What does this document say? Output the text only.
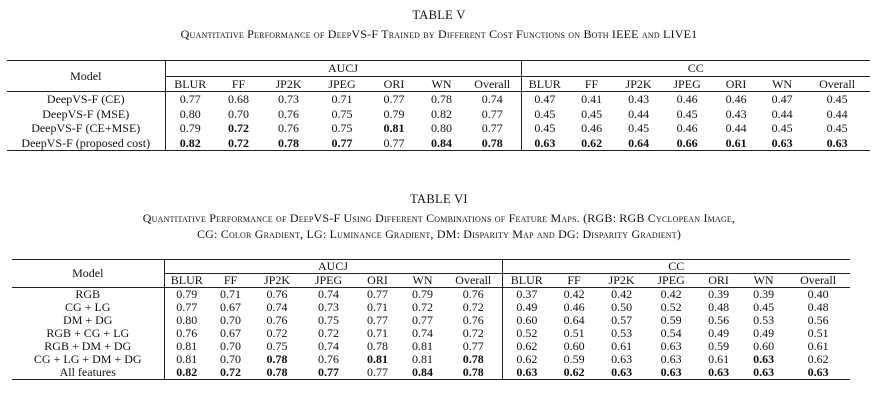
TABLE V
Quantitative Performance of DeepVS-F Trained by Different Cost Functions on Both IEEE and LIVE1
Model	AUCJ							CC						
	BLUR	FF	JP2K	JPEG	ORI	WN	Overall	BLUR	FF	JP2K	JPEG	ORI	WN	Overall
DeepVS-F (CE)	0.77	0.68	0.73	0.71	0.77	0.78	0.74	0.47	0.41	0.43	0.46	0.46	0.47	0.45
DeepVS-F (MSE)	0.80	0.70	0.76	0.75	0.79	0.82	0.77	0.45	0.45	0.44	0.45	0.43	0.44	0.44
DeepVS-F (CE+MSE)	0.79	0.72	0.76	0.75	0.81	0.80	0.77	0.45	0.46	0.45	0.46	0.44	0.45	0.45
DeepVS-F (proposed cost)	0.82	0.72	0.78	0.77	0.77	0.84	0.78	0.63	0.62	0.64	0.66	0.61	0.63	0.63
TABLE VI
Quantitative Performance of DeepVS-F Using Different Combinations of Feature Maps. (RGB: RGB Cyclopean Image,
CG: Color Gradient, LG: Luminance Gradient, DM: Disparity Map and DG: Disparity Gradient)
Model	AUCJ							CC						
	BLUR	FF	JP2K	JPEG	ORI	WN	Overall	BLUR	FF	JP2K	JPEG	ORI	WN	Overall
RGB	0.79	0.71	0.76	0.74	0.77	0.79	0.76	0.37	0.42	0.42	0.42	0.39	0.39	0.40
CG + LG	0.77	0.67	0.74	0.73	0.71	0.72	0.72	0.49	0.46	0.50	0.52	0.48	0.45	0.48
DM + DG	0.80	0.70	0.76	0.75	0.77	0.77	0.76	0.60	0.64	0.57	0.59	0.56	0.53	0.56
RGB + CG + LG	0.76	0.67	0.72	0.72	0.71	0.74	0.72	0.52	0.51	0.53	0.54	0.49	0.49	0.51
RGB + DM + DG	0.81	0.70	0.75	0.74	0.78	0.81	0.77	0.62	0.60	0.61	0.63	0.59	0.60	0.61
CG + LG + DM + DG	0.81	0.70	0.78	0.76	0.81	0.81	0.78	0.62	0.59	0.63	0.63	0.61	0.63	0.62
All features	0.82	0.72	0.78	0.77	0.77	0.84	0.78	0.63	0.62	0.63	0.63	0.63	0.63	0.63
